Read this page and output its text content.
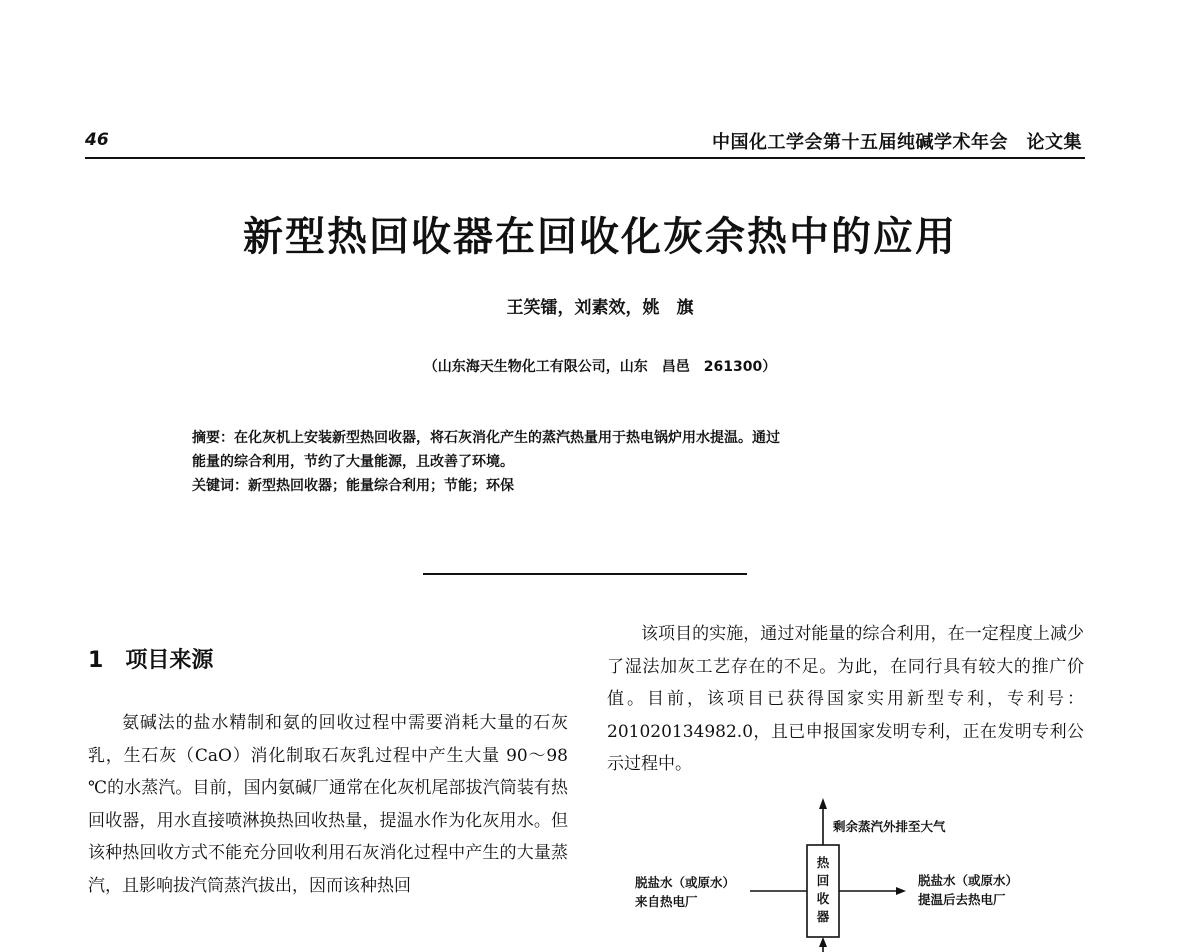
46	中国化工学会第十五届纯碱学术年会　论文集
新型热回收器在回收化灰余热中的应用
王笑镭，刘素效，姚　旗
（山东海天生物化工有限公司，山东　昌邑　261300）

摘要：在化灰机上安装新型热回收器，将石灰消化产生的蒸汽热量用于热电锅炉用水提温。通过

能量的综合利用，节约了大量能源，且改善了环境。

关键词：新型热回收器；能量综合利用；节能；环保

1 项目来源

氨碱法的盐水精制和氨的回收过程中需要消耗大量的石灰乳，生石灰（CaO）消化制取石灰乳过程中产生大量 90～98 ℃的水蒸汽。目前，国内氨碱厂通常在化灰机尾部拔汽筒装有热回收器，用水直接喷淋换热回收热量，提温水作为化灰用水。但该种热回收方式不能充分回收利用石灰消化过程中产生的大量蒸汽，且影响拔汽筒蒸汽拔出，因而该种热回

该项目的实施，通过对能量的综合利用，在一定程度上减少了湿法加灰工艺存在的不足。为此，在同行具有较大的推广价值。目前，该项目已获得国家实用新型专利，专利号：201020134982.0，且已申报国家发明专利，正在发明专利公示过程中。

剩余蒸汽外排至大气
热
回
收
器
脱盐水（或原水）
来自热电厂
脱盐水（或原水）
提温后去热电厂
